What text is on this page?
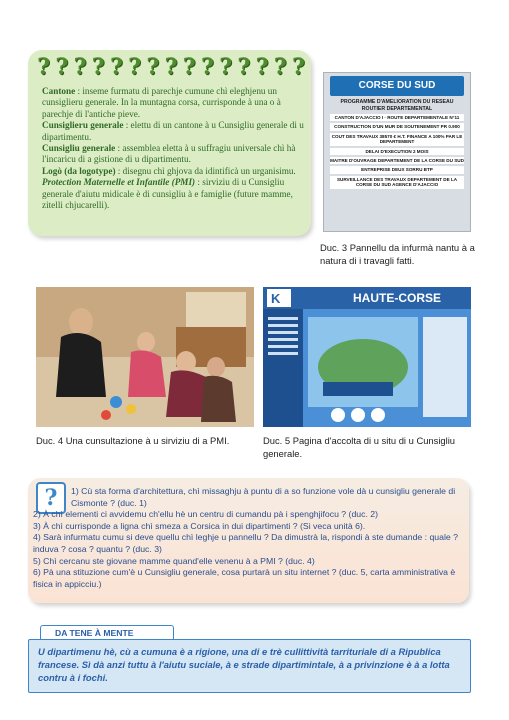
? ? ? ? ? ? ? ? ? ? ? ? ? ? ?

Cantone : inseme furmatu di parechje cumune chì eleghjenu un cunsiglieru generale. In la muntagna corsa, currisponde à una o à parechje di l'antiche pieve.

Cunsiglieru generale : elettu di un cantone à u Cunsigliu generale di u dipartimentu.

Cunsigliu generale : assemblea eletta à u suffragiu universale chì hà l'incaricu di a gistione di u dipartimentu.

Logò (da logotype) : disegnu chì ghjova da idintificà un urganisimu.

Protection Maternelle et Infantile (PMI) : sirviziu di u Cunsigliu generale d'aiutu midicale è di cunsigliu à e famiglie (future mamme, zitelli chjucarelli).

CORSE DU SUD
PROGRAMME D'AMELIORATION DU RESEAU ROUTIER DEPARTEMENTAL
CANTON D'AJACCIO I · ROUTE DEPARTEMENTALE N°11
CONSTRUCTION D'UN MUR DE SOUTENEMENT PR 0.900
COUT DES TRAVAUX 38570 € H.T. FINANCE A 100% PAR LE DEPARTEMENT
DELAI D'EXECUTION 2 MOIS
MAITRE D'OUVRAGE DEPARTEMENT DE LA CORSE DU SUD
ENTREPRISE DEUX SORRU BTP
SURVEILLANCE DES TRAVAUX DEPARTEMENT DE LA CORSE DU SUD AGENCE D'AJACCIO
Duc. 3 Pannellu da infurmà nantu à a natura di i travagli fatti.
Duc. 4 Una cunsultazione à u sirviziu di a PMI.
K	HAUTE-CORSE
Duc. 5 Pagina d'accolta di u situ di u Cunsigliu generale.
?	1) Cù sta forma d'architettura, chì missaghju à puntu di a so funzione vole dà u cunsigliu generale di Cismonte ? (duc. 1)

2) À chì elementi ci avvidemu ch'ellu hè un centru di cumandu pà i spenghjifocu ? (duc. 2)

3) À chì currisponde a ligna chì smeza a Corsica in dui dipartimenti ? (Si veca unità 6).

4) Sarà infurmatu cumu si deve quellu chì leghje u pannellu ? Da dimustrà la, rispondi à ste dumande : quale ? induva ? cosa ? quantu ? (duc. 3)

5) Chì cercanu ste giovane mamme quand'elle venenu à a PMI ? (duc. 4)

6) Pà una stituzione cum'è u Cunsigliu generale, cosa purtarà un situ internet ? (duc. 5, carta amministrativa è fisica in appicciu.)

DA TENE À MENTE
U dipartimenu hè, cù a cumuna è a rigione, una di e trè cullittività tarrituriale di a Ripublica francese. Sì dà anzi tuttu à l'aiutu suciale, à e strade dipartimintale, à a privinzione è à a lotta contru à i fochi.
